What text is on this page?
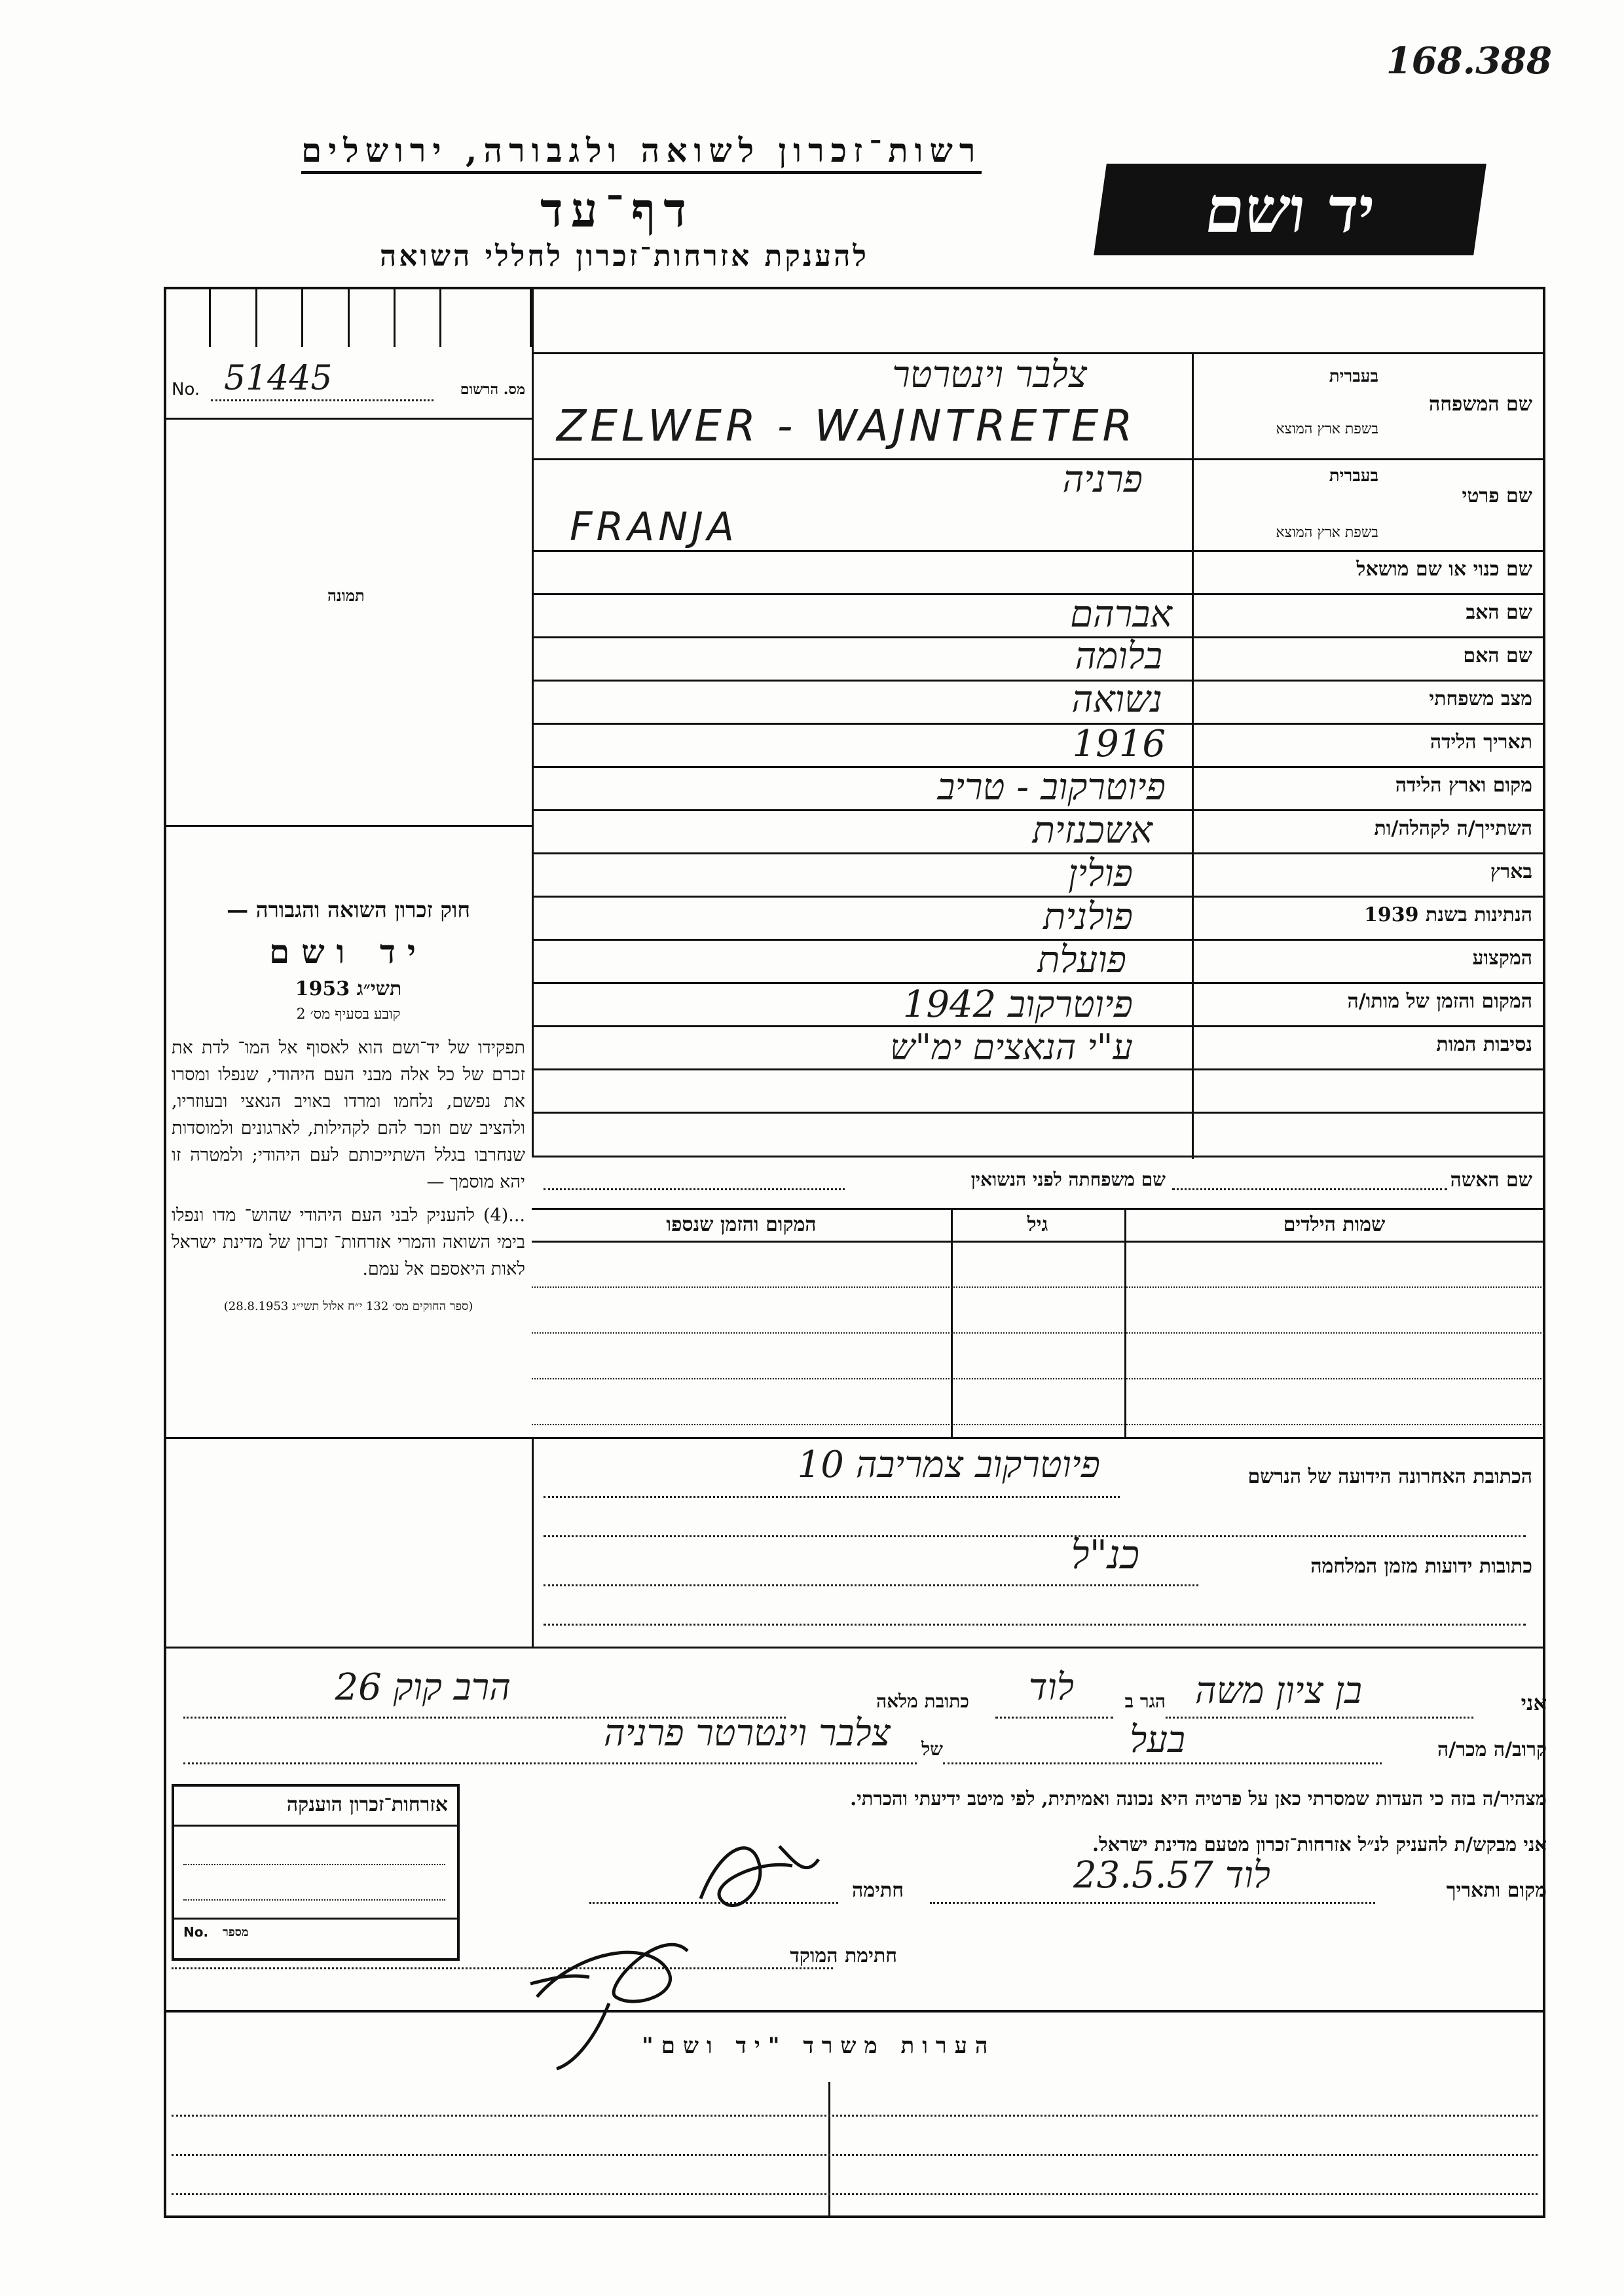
168.388
רשות־זכרון לשואה ולגבורה, ירושלים
דף־עד
להענקת אזרחות־זכרון לחללי השואה
יד ושם
No. 51445	מס. הרשום
תמונה
שם המשפחה
בעברית
בשפת ארץ המוצא
שם פרטי
בעברית
בשפת ארץ המוצא
שם כנוי או שם מושאל
שם האב
שם האם
מצב משפחתי
תאריך הלידה
מקום וארץ הלידה
השתייך/ה לקהלה/ות
בארץ
הנתינות בשנת 1939
המקצוע
המקום והזמן של מותו/ה
נסיבות המות
צלבר וינטרטר
ZELWER - WAJNTRETER
פרניה
FRANJA
אברהם
בלומה
נשואה
1916
פיוטרקוב - טריב
אשכנזית
פולין
פולנית
פועלת
פיוטרקוב 1942
ע"י הנאצים ימ"ש
שם האשה
שם משפחתה לפני הנשואין
שמות הילדים
גיל
המקום והזמן שנספו
חוק זכרון השואה והגבורה —
יד ושם
תשי״ג 1953
קובע בסעיף מס׳ 2
תפקידו של יד־ושם הוא לאסוף אל המו־ לדת את זכרם של כל אלה מבני העם היהודי, שנפלו ומסרו את נפשם, נלחמו ומרדו באויב הנאצי ובעוזריו, ולהציב שם וזכר להם לקהילות, לארגונים ולמוסדות שנחרבו בגלל השתייכותם לעם היהודי; ולמטרה זו יהא מוסמך —
...(4) להעניק לבני העם היהודי שהוש־ מדו ונפלו בימי השואה והמרי אזרחות־ זכרון של מדינת ישראל לאות היאספם אל עמם.
(ספר החוקים מס׳ 132 י״ח אלול תשי״ג 28.8.1953)
הכתובת האחרונה הידועה של הנרשם
פיוטרקוב צמריבה 10
כתובות ידועות מזמן המלחמה
כנ"ל
אני
בן ציון משה
הגר ב
לוד
כתובת מלאה
הרב קוק 26
קרוב/ה מכר/ה
בעל
של
צלבר וינטרטר פרניה
מצהיר/ה בזה כי העדות שמסרתי כאן על פרטיה היא נכונה ואמיתית, לפי מיטב ידיעתי והכרתי.
אני מבקש/ת להעניק לנ״ל אזרחות־זכרון מטעם מדינת ישראל.
מקום ותאריך
לוד 23.5.57
חתימה
חתימת המוקד
אזרחות־זכרון הוענקה
No. מספר
הערות משרד "יד ושם"
